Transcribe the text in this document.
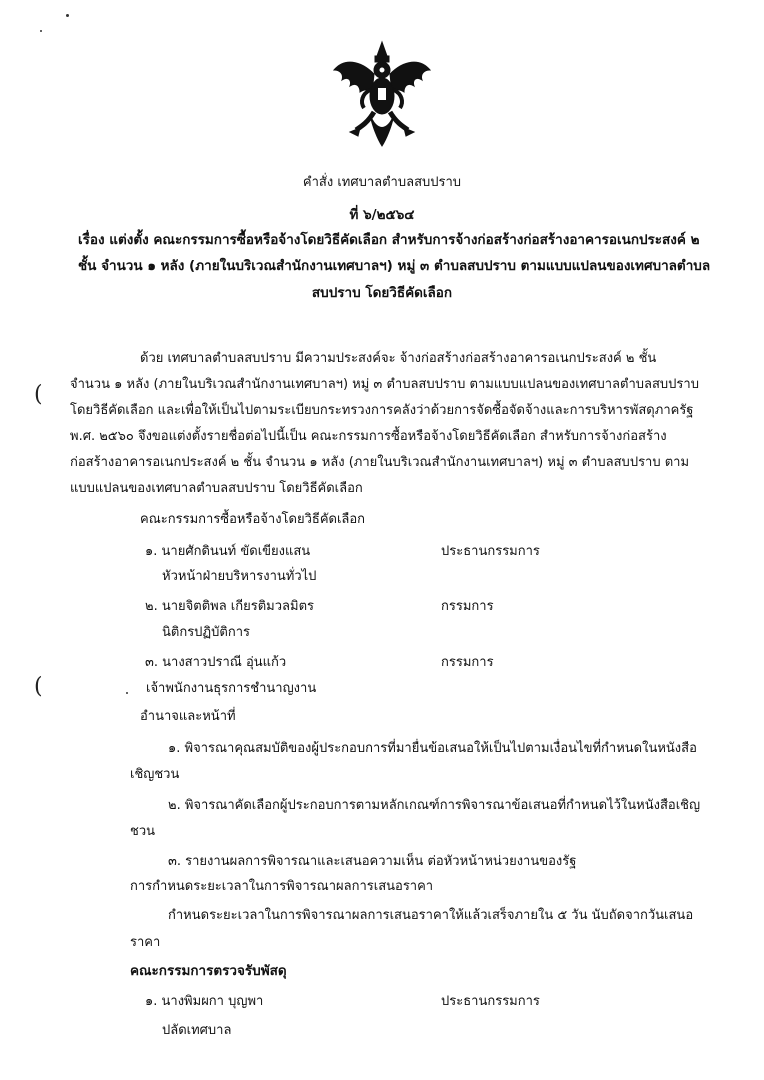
(
(
คำสั่ง เทศบาลตำบลสบปราบ
ที่ ๖/๒๕๖๔
เรื่อง แต่งตั้ง คณะกรรมการซื้อหรือจ้างโดยวิธีคัดเลือก สำหรับการจ้างก่อสร้างก่อสร้างอาคารอเนกประสงค์ ๒
ชั้น จำนวน ๑ หลัง (ภายในบริเวณสำนักงานเทศบาลฯ) หมู่ ๓ ตำบลสบปราบ ตามแบบแปลนของเทศบาลตำบล
สบปราบ โดยวิธีคัดเลือก
ด้วย เทศบาลตำบลสบปราบ มีความประสงค์จะ จ้างก่อสร้างก่อสร้างอาคารอเนกประสงค์ ๒ ชั้น
จำนวน ๑ หลัง (ภายในบริเวณสำนักงานเทศบาลฯ) หมู่ ๓ ตำบลสบปราบ ตามแบบแปลนของเทศบาลตำบลสบปราบ
โดยวิธีคัดเลือก และเพื่อให้เป็นไปตามระเบียบกระทรวงการคลังว่าด้วยการจัดซื้อจัดจ้างและการบริหารพัสดุภาครัฐ
พ.ศ. ๒๕๖๐ จึงขอแต่งตั้งรายชื่อต่อไปนี้เป็น คณะกรรมการซื้อหรือจ้างโดยวิธีคัดเลือก สำหรับการจ้างก่อสร้าง
ก่อสร้างอาคารอเนกประสงค์ ๒ ชั้น จำนวน ๑ หลัง (ภายในบริเวณสำนักงานเทศบาลฯ) หมู่ ๓ ตำบลสบปราบ ตาม
แบบแปลนของเทศบาลตำบลสบปราบ โดยวิธีคัดเลือก
คณะกรรมการซื้อหรือจ้างโดยวิธีคัดเลือก
๑. นายศักดินนท์ ขัดเขียงแสน	ประธานกรรมการ
หัวหน้าฝ่ายบริหารงานทั่วไป
๒. นายจิตติพล เกียรติมวลมิตร	กรรมการ
นิติกรปฏิบัติการ
๓. นางสาวปราณี อุ่นแก้ว	กรรมการ
เจ้าพนักงานธุรการชำนาญงาน
อำนาจและหน้าที่
๑. พิจารณาคุณสมบัติของผู้ประกอบการที่มายื่นข้อเสนอให้เป็นไปตามเงื่อนไขที่กำหนดในหนังสือ
เชิญชวน
๒. พิจารณาคัดเลือกผู้ประกอบการตามหลักเกณฑ์การพิจารณาข้อเสนอที่กำหนดไว้ในหนังสือเชิญ
ชวน
๓. รายงานผลการพิจารณาและเสนอความเห็น ต่อหัวหน้าหน่วยงานของรัฐ
การกำหนดระยะเวลาในการพิจารณาผลการเสนอราคา
กำหนดระยะเวลาในการพิจารณาผลการเสนอราคาให้แล้วเสร็จภายใน ๕ วัน นับถัดจากวันเสนอ
ราคา
คณะกรรมการตรวจรับพัสดุ
๑. นางพิมผกา บุญพา	ประธานกรรมการ
ปลัดเทศบาล
